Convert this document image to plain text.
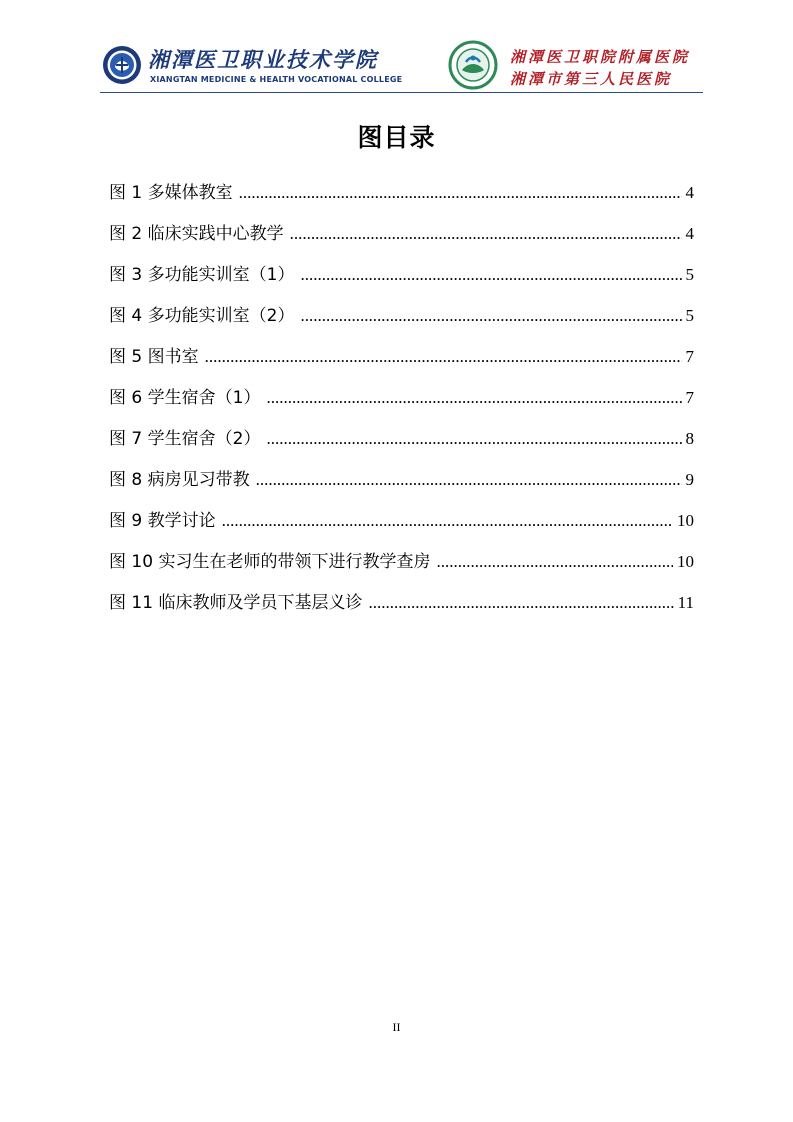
湘潭医卫职业技术学院
XIANGTAN MEDICINE & HEALTH VOCATIONAL COLLEGE
湘潭医卫职院附属医院
湘潭市第三人民医院
图目录
图 1 多媒体教室 .....	4
图 2 临床实践中心教学 .....	4
图 3 多功能实训室（1） .....	5
图 4 多功能实训室（2） .....	5
图 5 图书室 .....	7
图 6 学生宿舍（1） .....	7
图 7 学生宿舍（2） .....	8
图 8 病房见习带教 .....	9
图 9 教学讨论 .....	10
图 10 实习生在老师的带领下进行教学查房 .....	10
图 11 临床教师及学员下基层义诊 .....	11
II
